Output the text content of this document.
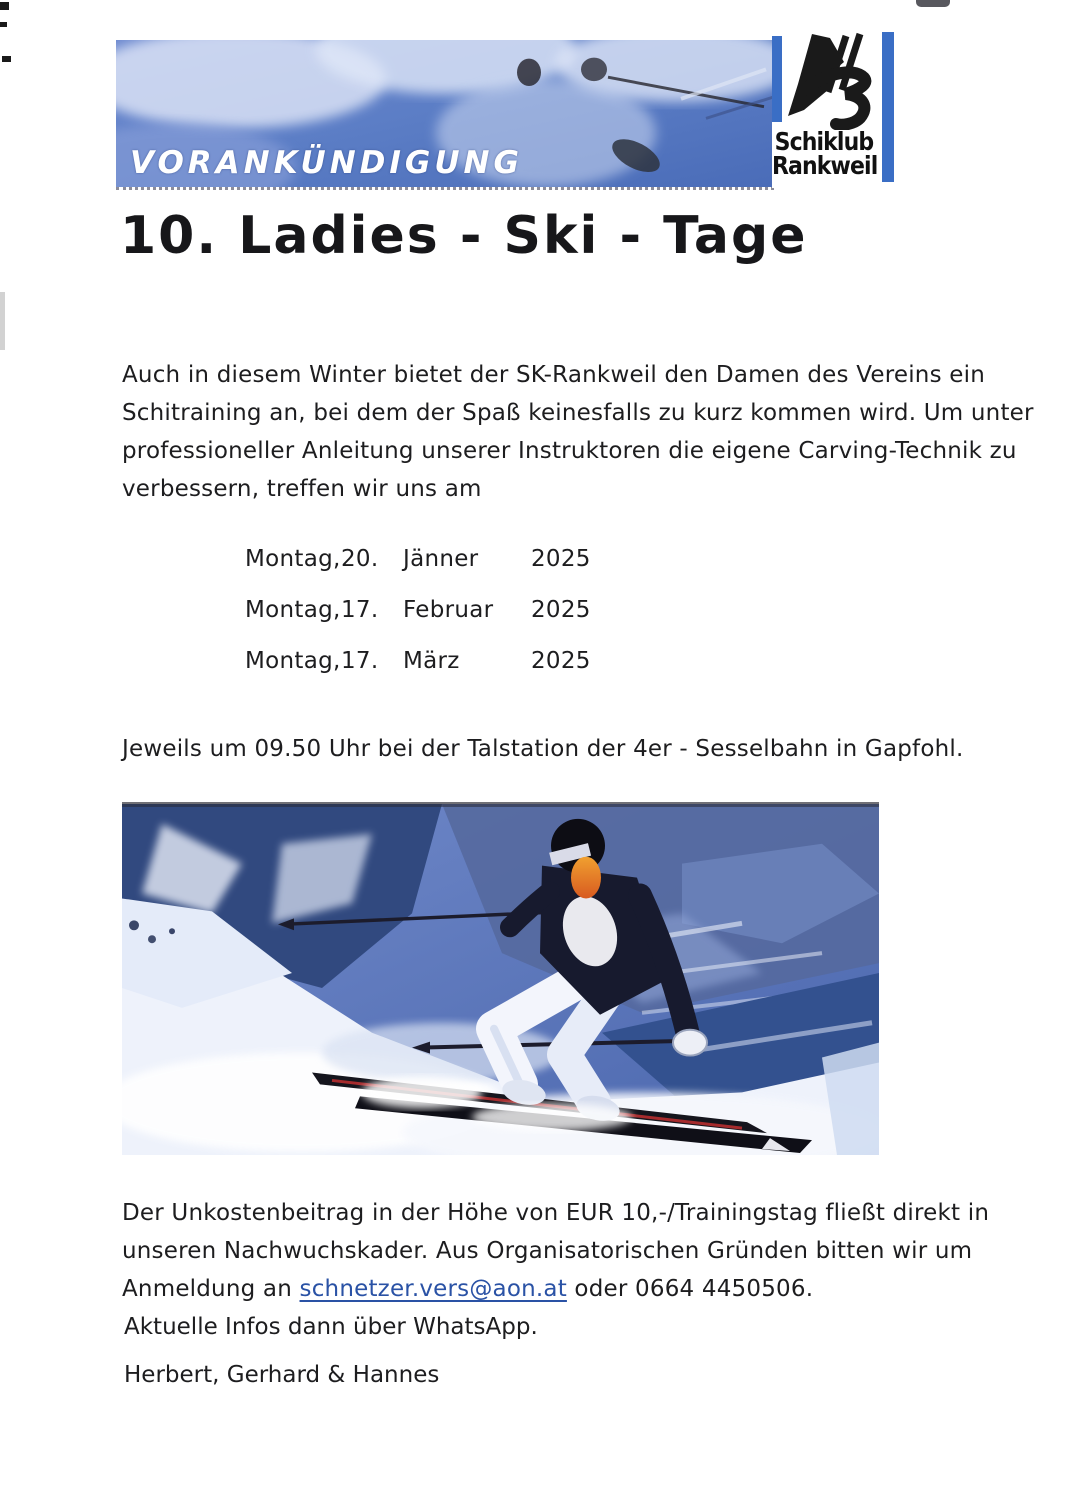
VORANKÜNDIGUNG
Schiklub
Rankweil
10. Ladies - Ski - Tage
Auch in diesem Winter bietet der SK-Rankweil den Damen des Vereins ein
Schitraining an, bei dem der Spaß keinesfalls zu kurz kommen wird. Um unter
professioneller Anleitung unserer Instruktoren die eigene Carving-Technik zu
verbessern, treffen wir uns am
Montag, 20.	Jänner	2025
Montag, 17.	Februar	2025
Montag, 17.	März	2025
Jeweils um 09.50 Uhr bei der Talstation der 4er - Sesselbahn in Gapfohl.
Der Unkostenbeitrag in der Höhe von EUR 10,-/Trainingstag fließt direkt in
unseren Nachwuchskader. Aus Organisatorischen Gründen bitten wir um
Anmeldung an schnetzer.vers@aon.at oder 0664 4450506.
Aktuelle Infos dann über WhatsApp.
Herbert, Gerhard & Hannes
